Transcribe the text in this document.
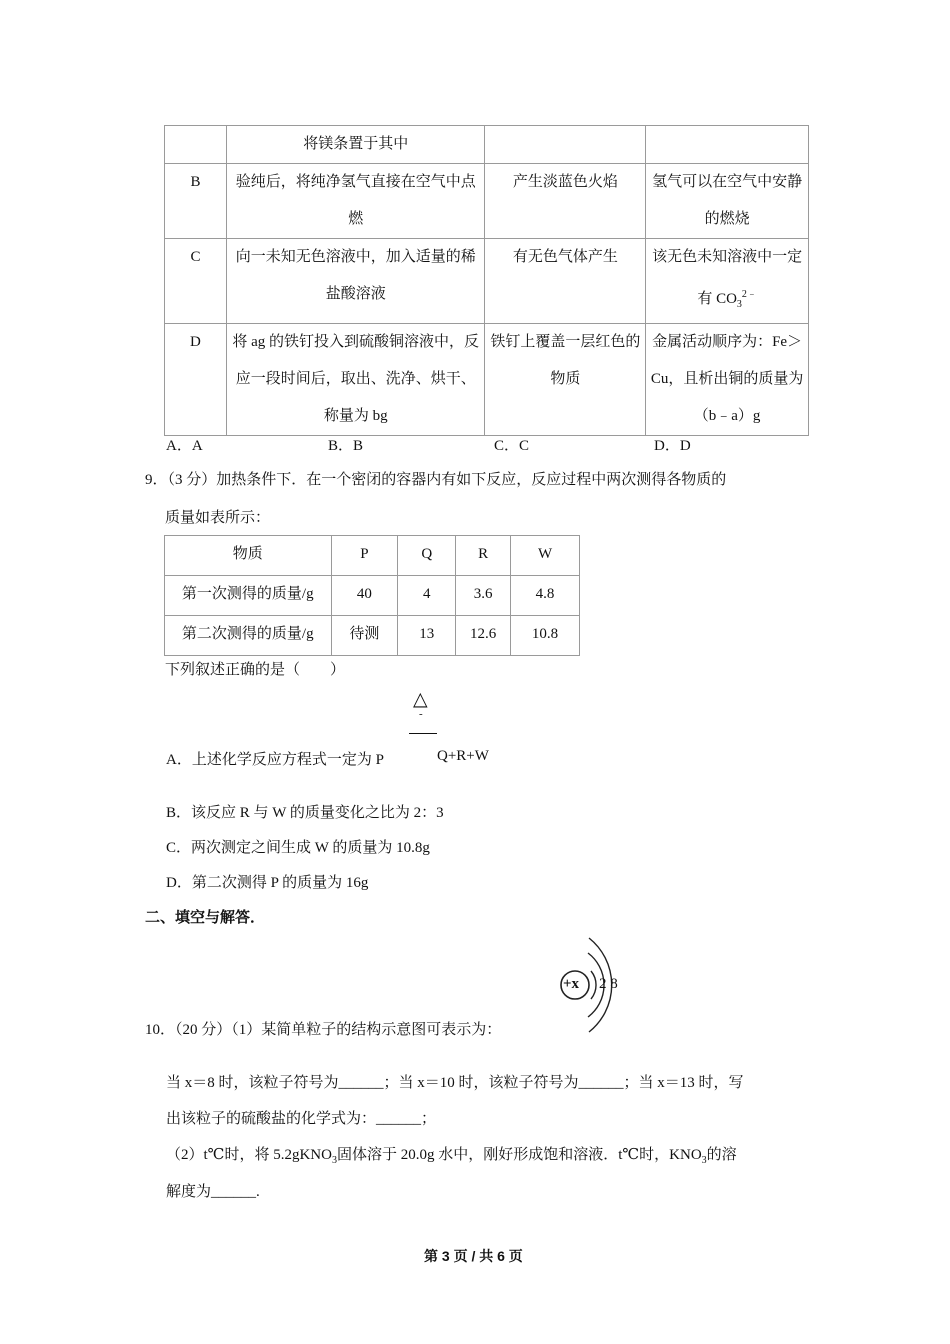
	将镁条置于其中		
B	验纯后，将纯净氢气直接在空气中点燃	产生淡蓝色火焰	氢气可以在空气中安静的燃烧
C	向一未知无色溶液中，加入适量的稀盐酸溶液	有无色气体产生	该无色未知溶液中一定有 $CO_3^{2﹣}$
D	将 ag 的铁钉投入到硫酸铜溶液中，反应一段时间后，取出、洗净、烘干、称量为 bg	铁钉上覆盖一层红色的物质	金属活动顺序为：Fe＞Cu，且析出铜的质量为（b﹣a）g
A．A	B．B	C．C	D．D
9．（3 分）加热条件下．在一个密闭的容器内有如下反应，反应过程中两次测得各物质的
质量如表所示：
物质	P	Q	R	W
第一次测得的质量/g	40	4	3.6	4.8
第二次测得的质量/g	待测	13	12.6	10.8
下列叙述正确的是（　　）
△
-
A．上述化学反应方程式一定为 P	Q+R+W
B．该反应 R 与 W 的质量变化之比为 2：3
C．两次测定之间生成 W 的质量为 10.8g
D．第二次测得 P 的质量为 16g
二、填空与解答．
+x 2 8
10．（20 分）（1）某简单粒子的结构示意图可表示为：
当 x＝8 时，该粒子符号为______；当 x＝10 时，该粒子符号为______；当 x＝13 时，写
出该粒子的硫酸盐的化学式为：______；
（2）t℃时，将 5.2gKNO$_3$固体溶于 20.0g 水中，刚好形成饱和溶液．t℃时，$KNO_3$的溶
解度为______.
第 3 页 / 共 6 页
